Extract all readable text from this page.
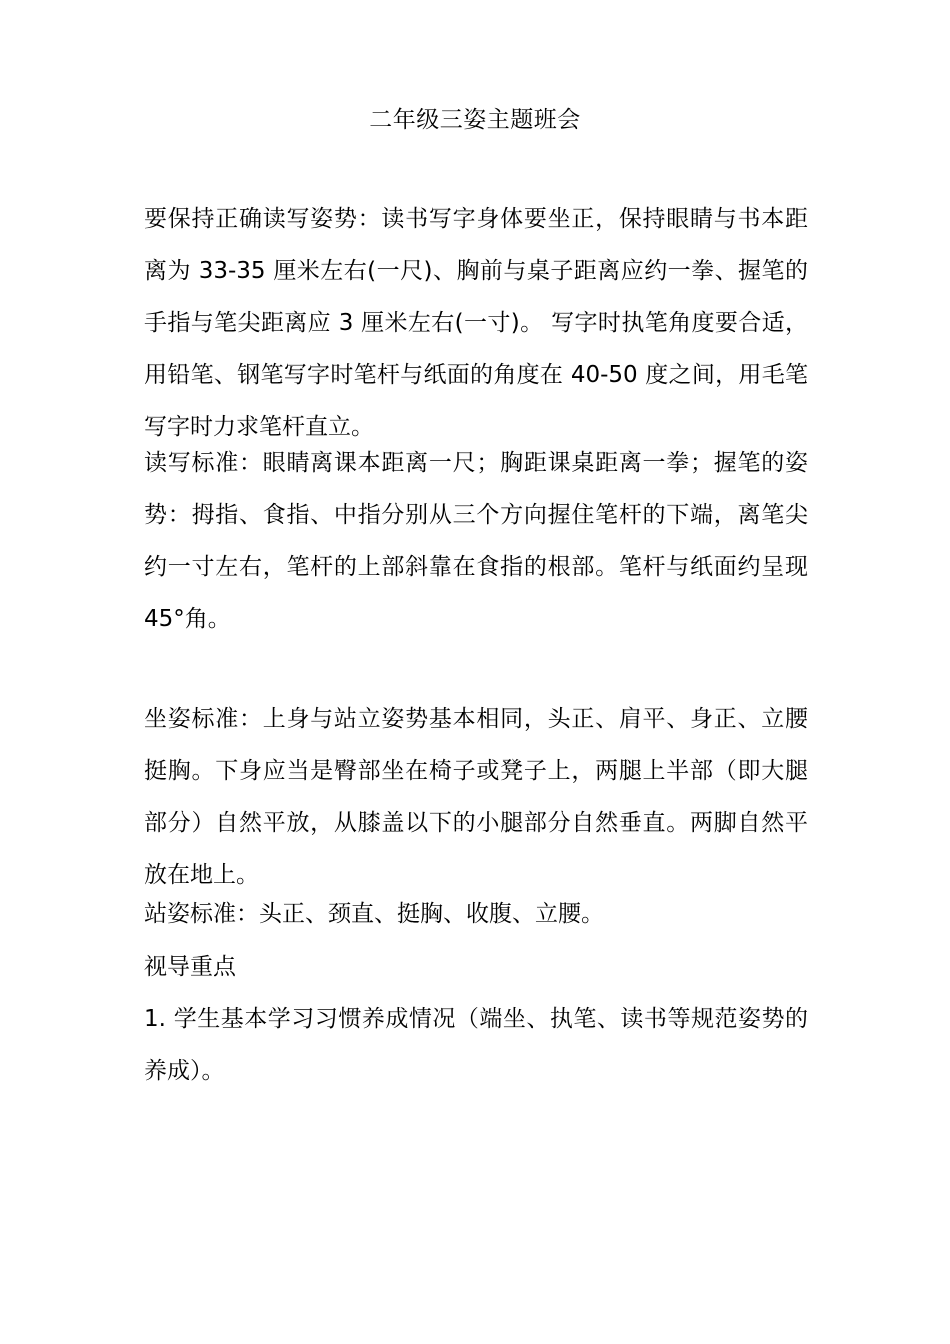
二年级三姿主题班会

要保持正确读写姿势：读书写字身体要坐正，保持眼睛与书本距离为 33-35 厘米左右(一尺)、胸前与桌子距离应约一拳、握笔的手指与笔尖距离应 3 厘米左右(一寸)。 写字时执笔角度要合适，用铅笔、钢笔写字时笔杆与纸面的角度在 40-50 度之间，用毛笔写字时力求笔杆直立。

读写标准：眼睛离课本距离一尺；胸距课桌距离一拳；握笔的姿势：拇指、食指、中指分别从三个方向握住笔杆的下端，离笔尖约一寸左右，笔杆的上部斜靠在食指的根部。笔杆与纸面约呈现 45°角。

坐姿标准：上身与站立姿势基本相同，头正、肩平、身正、立腰挺胸。下身应当是臀部坐在椅子或凳子上，两腿上半部（即大腿部分）自然平放，从膝盖以下的小腿部分自然垂直。两脚自然平放在地上。

站姿标准：头正、颈直、挺胸、收腹、立腰。

视导重点

1. 学生基本学习习惯养成情况（端坐、执笔、读书等规范姿势的养成）。
